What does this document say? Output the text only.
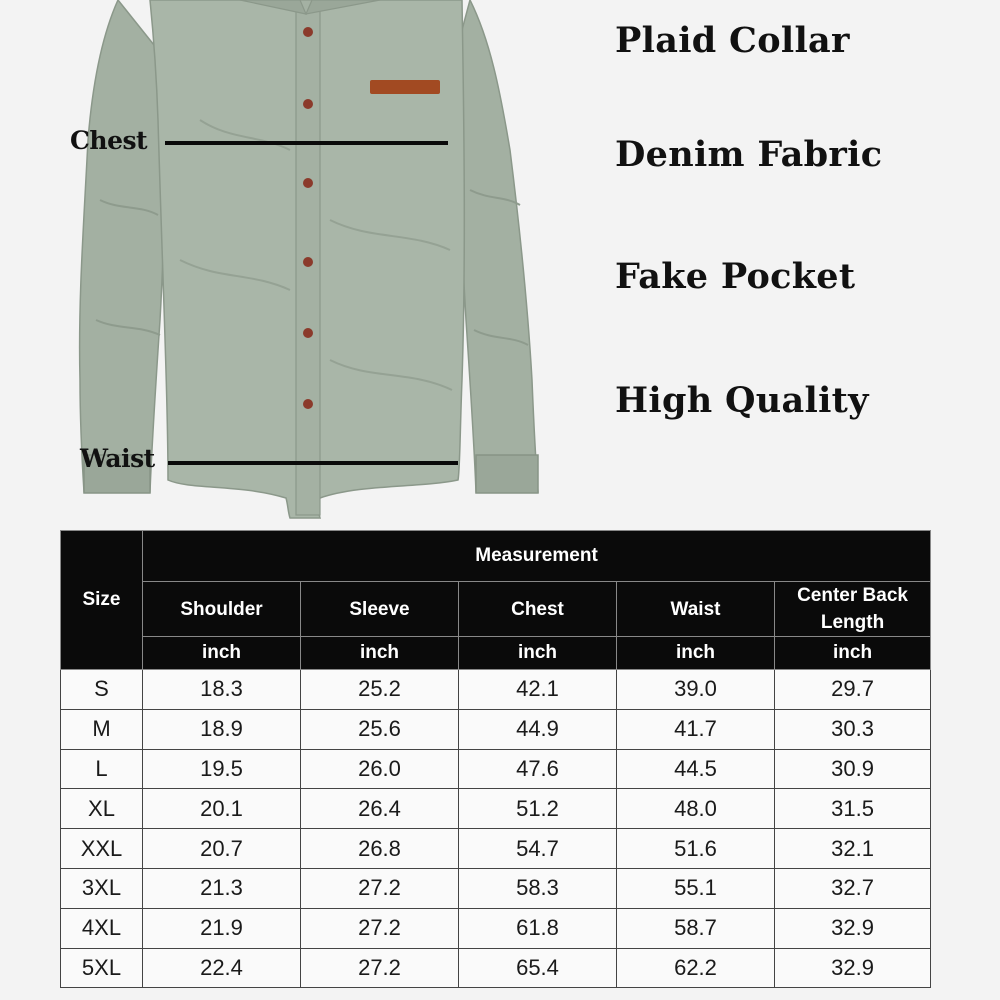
Chest
Waist
Plaid Collar
Denim Fabric
Fake Pocket
High Quality
Size	Measurement				
	Shoulder	Sleeve	Chest	Waist	Center Back Length
	inch	inch	inch	inch	inch
S	18.3	25.2	42.1	39.0	29.7
M	18.9	25.6	44.9	41.7	30.3
L	19.5	26.0	47.6	44.5	30.9
XL	20.1	26.4	51.2	48.0	31.5
XXL	20.7	26.8	54.7	51.6	32.1
3XL	21.3	27.2	58.3	55.1	32.7
4XL	21.9	27.2	61.8	58.7	32.9
5XL	22.4	27.2	65.4	62.2	32.9
